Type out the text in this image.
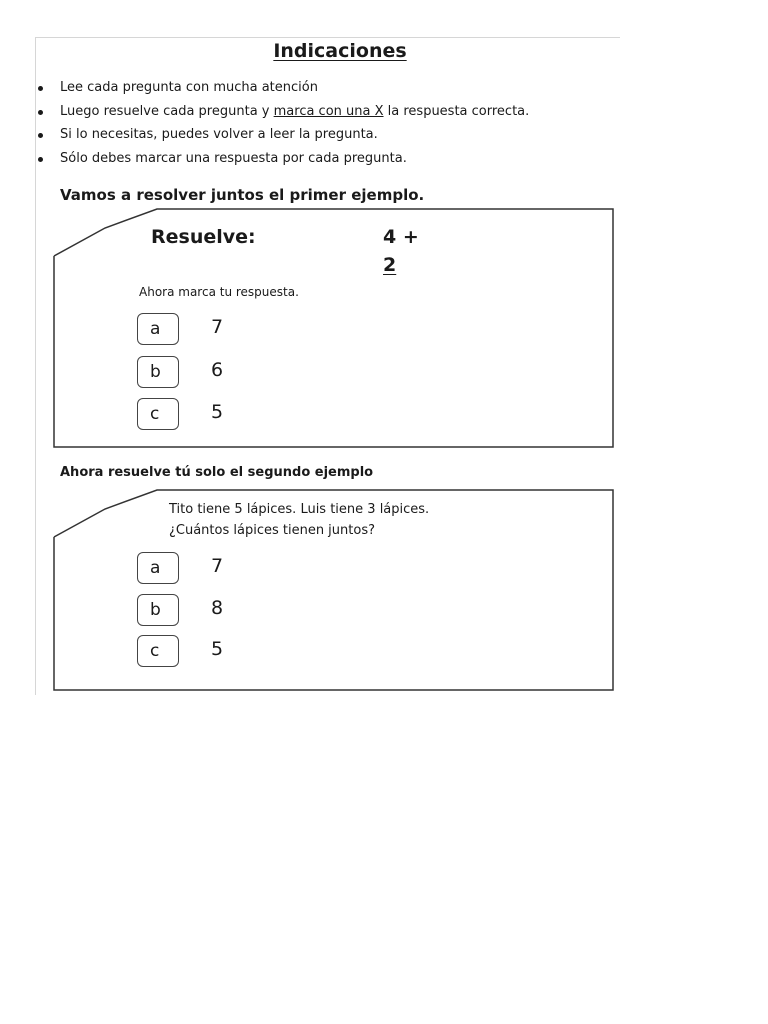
Indicaciones
Lee cada pregunta con mucha atención
Luego resuelve cada pregunta y marca con una X la respuesta correcta.
Si lo necesitas, puedes volver a leer la pregunta.
Sólo debes marcar una respuesta por cada pregunta.
Vamos a resolver juntos el primer ejemplo.
Resuelve:	4 +
2
Ahora marca tu respuesta.
a	7
b	6
c	5
Ahora resuelve tú solo el segundo ejemplo
Tito tiene 5 lápices. Luis tiene 3 lápices.
¿Cuántos lápices tienen juntos?
a	7
b	8
c	5
